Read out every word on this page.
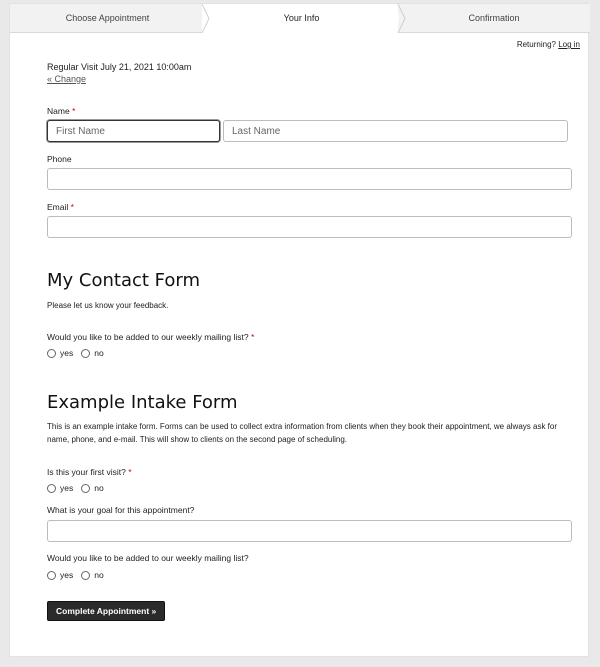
Choose Appointment	Your Info	Confirmation
Returning? Log in
Regular Visit July 21, 2021 10:00am
« Change
Name *
First Name
Last Name
Phone
Email *
My Contact Form
Please let us know your feedback.
Would you like to be added to our weekly mailing list? *
yes no
Example Intake Form
This is an example intake form. Forms can be used to collect extra information from clients when they book their appointment, we always ask for name, phone, and e-mail. This will show to clients on the second page of scheduling.
Is this your first visit? *
yes no
What is your goal for this appointment?
Would you like to be added to our weekly mailing list?
yes no
Complete Appointment »
